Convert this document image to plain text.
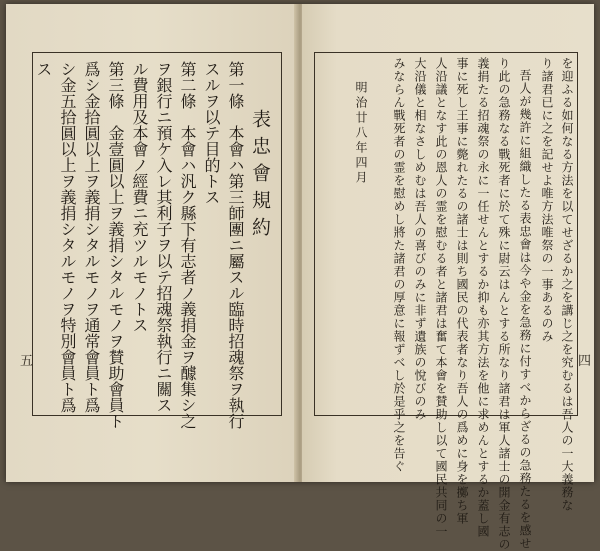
表忠會規約
第一條　本會ハ第三師團ニ屬スル臨時招魂祭ヲ執行
スルヲ以テ目的トス
第二條　本會ハ汎ク縣下有志者ノ義捐金ヲ醵集シ之
ヲ銀行ニ預ケ入レ其利子ヲ以テ招魂祭執行ニ關ス
ル費用及本會ノ經費ニ充ツルモノトス
第三條　金壹圓以上ヲ義捐シタルモノヲ賛助會員ト
爲シ金拾圓以上ヲ義捐シタルモノヲ通常會員ト爲
シ金五拾圓以上ヲ義捐シタルモノヲ特別會員ト爲
ス
五	を迎ふる如何なる方法を以てせざるか之を講じ之を究むるは吾人の一大義務な
り諸君已に之を記せよ唯方法唯祭の一事あるのみ
吾人が幾許に組織したる表忠會は今や金を急務に付すべからざるの急務たるを感せ
り此の急務なる戰死者に於て殊に尉云はんとする所なり諸君は軍人諸士の開金有志の
義捐たる招魂祭の永に一任せんとするか抑も亦其方法を他に求めんとするか蓋し國
事に死し王事に斃れたるの諸士は則ち國民の代表者なり吾人の爲めに身を擲ち軍
人沿議となす此の恩人の霊を慰むる者と諸君は奮て本會を賛助し以て國民共同の一
大沿儀と相なさしめむは吾人の喜びのみに非ず遺族の悅びのみ
みならん戰死者の霊を慰めし將た諸君の厚意に報ずべし於是乎之を告ぐ
明治廿八年四月
四
